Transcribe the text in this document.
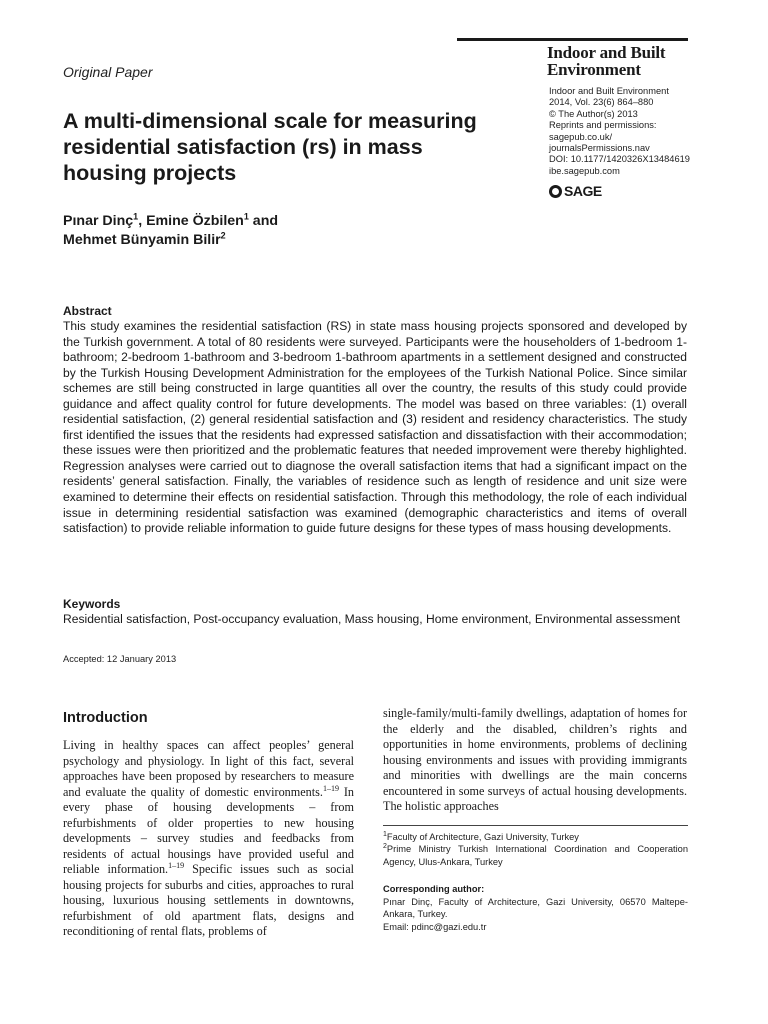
Original Paper
Indoor and Built
Environment
Indoor and Built Environment
2014, Vol. 23(6) 864–880
© The Author(s) 2013
Reprints and permissions:
sagepub.co.uk/
journalsPermissions.nav
DOI: 10.1177/1420326X13484619
ibe.sagepub.com
SAGE
A multi-dimensional scale for measuring residential satisfaction (rs) in mass housing projects
Pınar Dinç$^1$, Emine Özbilen$^1$ and
Mehmet Bünyamin Bilir$^2$
Abstract
This study examines the residential satisfaction (RS) in state mass housing projects sponsored and developed by the Turkish government. A total of 80 residents were surveyed. Participants were the householders of 1-bedroom 1-bathroom; 2-bedroom 1-bathroom and 3-bedroom 1-bathroom apartments in a settlement designed and constructed by the Turkish Housing Development Administration for the employees of the Turkish National Police. Since similar schemes are still being constructed in large quantities all over the country, the results of this study could provide guidance and affect quality control for future developments. The model was based on three variables: (1) overall residential satisfaction, (2) general residential satisfaction and (3) resident and residency characteristics. The study first identified the issues that the residents had expressed satisfaction and dissatisfaction with their accommodation; these issues were then prioritized and the problematic features that needed improvement were thereby highlighted. Regression analyses were carried out to diagnose the overall satisfaction items that had a significant impact on the residents’ general satisfaction. Finally, the variables of residence such as length of residence and unit size were examined to determine their effects on residential satisfaction. Through this methodology, the role of each individual issue in determining residential satisfaction was examined (demographic characteristics and items of overall satisfaction) to provide reliable information to guide future designs for these types of mass housing developments.
Keywords
Residential satisfaction, Post-occupancy evaluation, Mass housing, Home environment, Environmental assessment
Accepted: 12 January 2013
Introduction
Living in healthy spaces can affect peoples’ general psychology and physiology. In light of this fact, several approaches have been proposed by researchers to measure and evaluate the quality of domestic environments.$^{1-19}$ In every phase of housing developments – from refurbishments of older properties to new housing developments – survey studies and feedbacks from residents of actual housings have provided useful and reliable information.$^{1-19}$ Specific issues such as social housing projects for suburbs and cities, approaches to rural housing, luxurious housing settlements in downtowns, refurbishment of old apartment flats, designs and reconditioning of rental flats, problems of
single-family/multi-family dwellings, adaptation of homes for the elderly and the disabled, children’s rights and opportunities in home environments, problems of declining housing environments and issues with providing immigrants and minorities with dwellings are the main concerns encountered in some surveys of actual housing developments. The holistic approaches

$^1$Faculty of Architecture, Gazi University, Turkey

$^2$Prime Ministry Turkish International Coordination and Cooperation Agency, Ulus-Ankara, Turkey

Corresponding author:

Pınar Dinç, Faculty of Architecture, Gazi University, 06570 Maltepe-Ankara, Turkey.

Email: pdinc@gazi.edu.tr
